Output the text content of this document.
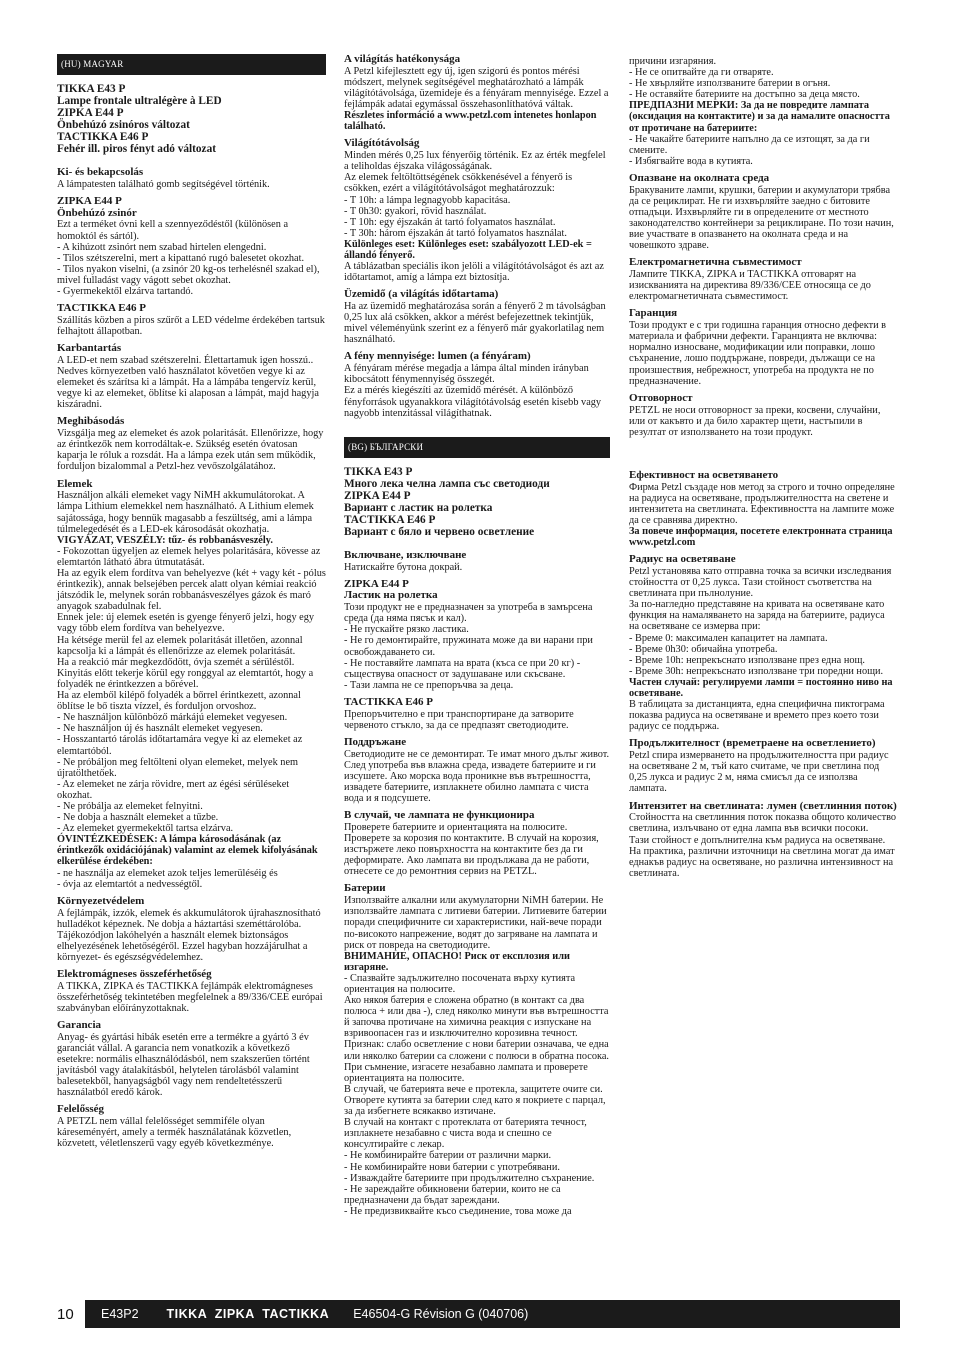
(HU) MAGYAR
TIKKA E43 P
Lampe frontale ultralégère à LED
ZIPKA E44 P
Önbehúzó zsinóros változat
TACTIKKA E46 P
Fehér ill. piros fényt adó változat
Ki- és bekapcsolás
A lámpatesten található gomb segítségével történik.
ZIPKA E44 P
Önbehúzó zsinór
Ezt a terméket óvni kell a szennyeződéstől (különösen a homoktól és sártól).
- A kihúzott zsinórt nem szabad hirtelen elengedni.
- Tilos szétszerelni, mert a kipattanó rugó balesetet okozhat.
- Tilos nyakon viselni, (a zsinór 20 kg-os terhelésnél szakad el), mivel fulladást vagy vágott sebet okozhat.
- Gyermekektől elzárva tartandó.
TACTIKKA E46 P
Szállítás közben a piros szűrőt a LED védelme érdekében tartsuk felhajtott állapotban.
Karbantartás
A LED-et nem szabad szétszerelni. Élettartamuk igen hosszú..
Nedves környezetben való használatot követően vegye ki az elemeket és szárítsa ki a lámpát. Ha a lámpába tengervíz kerül, vegye ki az elemeket, öblítse ki alaposan a lámpát, majd hagyja kiszáradni.
Meghibásodás
Vizsgálja meg az elemeket és azok polaritását. Ellenőrizze, hogy az érintkezők nem korrodáltak-e. Szükség esetén óvatosan kaparja le róluk a rozsdát. Ha a lámpa ezek után sem működik, forduljon bizalommal a Petzl-hez vevőszolgálatához.
Elemek
Használjon alkáli elemeket vagy NiMH akkumulátorokat. A lámpa Lithium elemekkel nem használható. A Lithium elemek sajátossága, hogy bennük magasabb a feszültség, ami a lámpa túlmelegedését és a LED-ek károsodását okozhatja.
VIGYÁZAT, VESZÉLY: tűz- és robbanásveszély.
- Fokozottan ügyeljen az elemek helyes polaritására, kövesse az elemtartón látható ábra útmutatását.
Ha az egyik elem fordítva van behelyezve (két + vagy két - pólus érintkezik), annak belsejében percek alatt olyan kémiai reakció játszódik le, melynek során robbanásveszélyes gázok és maró anyagok szabadulnak fel.
Ennek jele: új elemek esetén is gyenge fényerő jelzi, hogy egy vagy több elem fordítva van behelyezve.
Ha kétsége merül fel az elemek polaritását illetően, azonnal kapcsolja ki a lámpát és ellenőrizze az elemek polaritását.
Ha a reakció már megkezdődött, óvja szemét a sérüléstől. Kinyitás előtt tekerje körül egy ronggyal az elemtartót, hogy a folyadék ne érintkezzen a bőrével.
Ha az elemből kilépő folyadék a bőrrel érintkezett, azonnal öblítse le bő tiszta vízzel, és forduljon orvoshoz.
- Ne használjon különböző márkájú elemeket vegyesen.
- Ne használjon új és használt elemeket vegyesen.
- Hosszantartó tárolás időtartamára vegye ki az elemeket az elemtartóból.
- Ne próbáljon meg feltölteni olyan elemeket, melyek nem újratölthetőek.
- Az elemeket ne zárja rövidre, mert az égési sérüléseket okozhat.
- Ne próbálja az elemeket felnyitni.
- Ne dobja a használt elemeket a tűzbe.
- Az elemeket gyermekektől tartsa elzárva.
ÓVINTÉZKEDÉSEK: A lámpa károsodásának (az érintkezők oxidációjának) valamint az elemek kifolyásának elkerülése érdekében:
- ne használja az elemeket azok teljes lemerüléséig és
- óvja az elemtartót a nedvességtől.
Környezetvédelem
A fejlámpák, izzók, elemek és akkumulátorok újrahasznosítható hulladékot képeznek. Ne dobja a háztartási szeméttárolóba. Tájékozódjon lakóhelyén a használt elemek biztonságos elhelyezésének lehetőségéről. Ezzel hagyban hozzájárulhat a környezet- és egészségvédelemhez.
Elektromágneses összeférhetőség
A TIKKA, ZIPKA és TACTIKKA fejlámpák elektromágneses összeférhetőség tekintetében megfelelnek a 89/336/CEE európai szabványban előírányzottaknak.
Garancia
Anyag- és gyártási hibák esetén erre a termékre a gyártó 3 év garanciát vállal. A garancia nem vonatkozik a következő esetekre: normális elhasználódásból, nem szakszerűen történt javításból vagy átalakításból, helytelen tárolásból valamint balesetekből, hanyagságból vagy nem rendeltetésszerű használatból eredő károk.
Felelősség
A PETZL nem vállal felelősséget semmiféle olyan kárеseményért, amely a termék használatának közvetlen, közvetett, véletlenszerű vagy egyéb következménye.
A világítás hatékonysága
A Petzl kifejlesztett egy új, igen szigorú és pontos mérési módszert, melynek segítségével meghatározható a lámpák világítótávolsága, üzemideje és a fényáram mennyisége. Ezzel a fejlámpák adatai egymással összehasonlíthatóvá váltak.
Részletes információ a www.petzl.com intenetes honlapon található.
Világítótávolság
Minden mérés 0,25 lux fényerőig történik. Ez az érték megfelel a teliholdas éjszaka világosságának.
Az elemek feltöltöttségének csökkenésével a fényerő is csökken, ezért a világítótávolságot meghatározzuk:
- T 10h: a lámpa legnagyobb kapacitása.
- T 0h30: gyakori, rövid használat.
- T 10h: egy éjszakán át tartó folyamatos használat.
- T 30h: három éjszakán át tartó folyamatos használat.
Különleges eset: Különleges eset: szabályozott LED-ek = állandó fényerő.
A táblázatban speciális ikon jelöli a világítótávolságot és azt az időtartamot, amíg a lámpa ezt biztosítja.
Üzemidő (a világítás időtartama)
Ha az üzemidő meghatározása során a fényerő 2 m távolságban 0,25 lux alá csökken, akkor a mérést befejezettnek tekintjük, mivel véleményünk szerint ez a fényerő már gyakorlatilag nem használható.
A fény mennyisége: lumen (a fényáram)
A fényáram mérése megadja a lámpa által minden irányban kibocsátott fénymennyiség összegét.
Ez a mérés kiegészíti az üzemidő mérését. A különböző fényforrások ugyanakkora világítótávolság esetén kisebb vagy nagyobb intenzitással világíthatnak.
(BG) БЪЛГАРСКИ
TIKKA E43 P
Много лека челна лампа със светодиоди
ZIPKA E44 P
Вариант с ластик на ролетка
TACTIKKA E46 P
Вариант с бяло и червено осветление
Включване, изключване
Натискайте бутона докрай.
ZIPKA E44 P
Ластик на ролетка
Този продукт не е предназначен за употреба в замърсена среда (да няма пясък и кал).
- Не пускайте рязко ластика.
- Не го демонтирайте, пружината може да ви нарани при освобождаването си.
- Не поставяйте лампата на врата (къса се при 20 кг) - съществува опасност от задушаване или скъсване.
- Тази лампа не се препоръчва за деца.
TACTIKKA E46 P
Препоръчително е при транспортиране да затворите червеното стъкло, за да се предпазят светодиодите.
Поддръжане
Светодиодите не се демонтират. Те имат много дълъг живот.
След употреба във влажна среда, извадете батериите и ги изсушете. Ако морска вода проникне във вътрешността, извадете батериите, изплакнете обилно лампата с чиста вода и я подсушете.
В случай, че лампата не функционира
Проверете батериите и ориентацията на полюсите. Проверете за корозия по контактите. В случай на корозия, изстържете леко повърхността на контактите без да ги деформирате. Ако лампата ви продължава да не работи, отнесете се до ремонтния сервиз на PETZL.
Батерии
Използвайте алкални или акумулаторни NiMH батерии. Не използвайте лампата с литиеви батерии. Литиевите батерии поради специфичните си характеристики, най-вече поради по-високото напрежение, водят до загряване на лампата и риск от повреда на светодиодите.
ВНИМАНИЕ, ОПАСНО! Риск от експлозия или изгаряне.
- Спазвайте задължително посочената върху кутията ориентация на полюсите.
Ако някоя батерия е сложена обратно (в контакт са два полюса + или два -), след няколко минути във вътрешността й започва протичане на химична реакция с изпускане на взривоопасен газ и изключително корозивна течност.
Признак: слабо осветление с нови батерии означава, че една или няколко батерии са сложени с полюси в обратна посока.
При съмнение, изгасете незабавно лампата и проверете ориентацията на полюсите.
В случай, че батерията вече е протекла, защитете очите си. Отворете кутията за батерии след като я покриете с парцал, за да избегнете всякакво изтичане.
В случай на контакт с протеклата от батерията течност, изплакнете незабавно с чиста вода и спешно се консултирайте с лекар.
- Не комбинирайте батерии от различни марки.
- Не комбинирайте нови батерии с употребявани.
- Изваждайте батериите при продължително съхранение.
- Не зареждайте обикновени батерии, които не са предназначени да бъдат зареждани.
- Не предизвиквайте късо съединение, това може да
причини изгаряния.
- Не се опитвайте да ги отваряте.
- Не хвърляйте използваните батерии в огъня.
- Не оставяйте батериите на достъпно за деца място.
ПРЕДПАЗНИ МЕРКИ: За да не повредите лампата (оксидация на контактите) и за да намалите опасността от протичане на батериите:
- Не чакайте батериите напълно да се изтощят, за да ги смените.
- Избягвайте вода в кутията.
Опазване на околната среда
Бракуваните лампи, крушки, батерии и акумулатори трябва да се рециклират. Не ги изхвърляйте заедно с битовите отпадъци. Изхвърляйте ги в определените от местното законодателство контейнери за рециклиране. По този начин, вие участвате в опазването на околната среда и на човешкото здраве.
Електромагнетична съвместимост
Лампите TIKKA, ZIPKA и TACTIKKA отговарят на изискванията на директива 89/336/CEE относяща се до електромагнетичната съвместимост.
Гаранция
Този продукт е с три годишна гаранция относно дефекти в материала и фабрични дефекти. Гаранцията не включва: нормално износване, модификации или поправки, лошо съхранение, лошо поддържане, повреди, дължащи се на произшествия, небрежност, употреба на продукта не по предназначение.
Отговорност
PETZL не носи отговорност за преки, косвени, случайни, или от какъвто и да било характер щети, настъпили в резултат от използването на този продукт.
Ефективност на осветяването
Фирма Petzl създаде нов метод за строго и точно определяне на радиуса на осветяване, продължителността на светене и интензитета на светлината. Ефективността на лампите може да се сравнява директно.
За повече информация, посетете електронната страница www.petzl.com
Радиус на осветяване
Petzl установява като отправна точка за всички изследвания стойността от 0,25 лукса. Тази стойност съответства на светлината при пълнолуние.
За по-нагледно представяне на кривата на осветяване като функция на намаляването на заряда на батериите, радиуса на осветяване се измерва при:
- Време 0: максимален капацитет на лампата.
- Време 0h30: обичайна употреба.
- Време 10h: непрекъснато използване през една нощ.
- Време 30h: непрекъснато използване три поредни нощи.
Частен случай: регулируеми лампи = постоянно ниво на осветяване.
В таблицата за дистанцията, една специфична пиктограма показва радиуса на осветяване и времето през което този радиус се поддържа.
Продължителност (времетраене на осветлението)
Petzl спира измерването на продължителността при радиус на осветяване 2 м, тъй като считаме, че при светлина под 0,25 лукса и радиус 2 м, няма смисъл да се използва лампата.
Интензитет на светлината: лумен (светлинния поток)
Стойността на светлинния поток показва общото количество светлина, излъчвано от една лампа във всички посоки.
Тази стойност е допълнителна към радиуса на осветяване. На практика, различни източници на светлина могат да имат еднакъв радиус на осветяване, но различна интензивност на светлината.
10	E43P2 TIKKA ZIPKA TACTIKKA E46504-G Révision G (040706)
